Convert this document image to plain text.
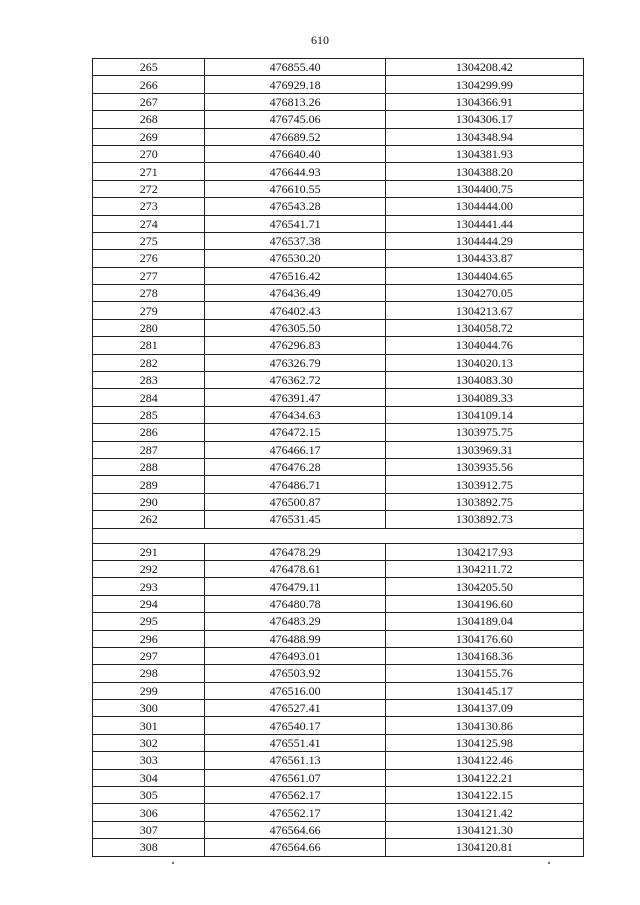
610
265	476855.40	1304208.42
266	476929.18	1304299.99
267	476813.26	1304366.91
268	476745.06	1304306.17
269	476689.52	1304348.94
270	476640.40	1304381.93
271	476644.93	1304388.20
272	476610.55	1304400.75
273	476543.28	1304444.00
274	476541.71	1304441.44
275	476537.38	1304444.29
276	476530.20	1304433.87
277	476516.42	1304404.65
278	476436.49	1304270.05
279	476402.43	1304213.67
280	476305.50	1304058.72
281	476296.83	1304044.76
282	476326.79	1304020.13
283	476362.72	1304083.30
284	476391.47	1304089.33
285	476434.63	1304109.14
286	476472.15	1303975.75
287	476466.17	1303969.31
288	476476.28	1303935.56
289	476486.71	1303912.75
290	476500.87	1303892.75
262	476531.45	1303892.73

291	476478.29	1304217.93
292	476478.61	1304211.72
293	476479.11	1304205.50
294	476480.78	1304196.60
295	476483.29	1304189.04
296	476488.99	1304176.60
297	476493.01	1304168.36
298	476503.92	1304155.76
299	476516.00	1304145.17
300	476527.41	1304137.09
301	476540.17	1304130.86
302	476551.41	1304125.98
303	476561.13	1304122.46
304	476561.07	1304122.21
305	476562.17	1304122.15
306	476562.17	1304121.42
307	476564.66	1304121.30
308	476564.66	1304120.81
